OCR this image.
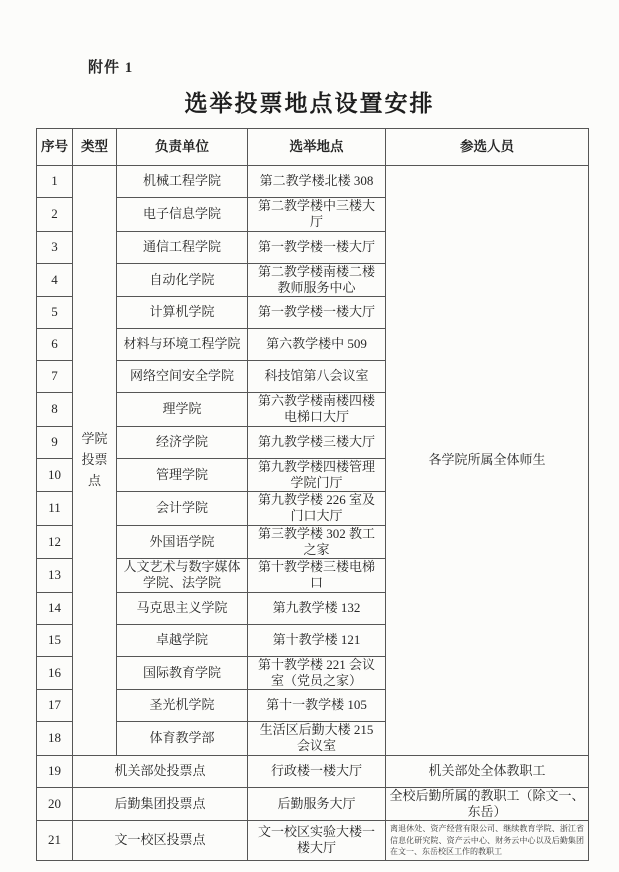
附件 1
选举投票地点设置安排
序号	类型	负责单位	选举地点	参选人员
1	学院投票点	机械工程学院	第二教学楼北楼 308	各学院所属全体师生
2		电子信息学院	第二教学楼中三楼大厅	
3		通信工程学院	第一教学楼一楼大厅	
4		自动化学院	第二教学楼南楼二楼教师服务中心	
5		计算机学院	第一教学楼一楼大厅	
6		材料与环境工程学院	第六教学楼中 509	
7		网络空间安全学院	科技馆第八会议室	
8		理学院	第六教学楼南楼四楼电梯口大厅	
9		经济学院	第九教学楼三楼大厅	
10		管理学院	第九教学楼四楼管理学院门厅	
11		会计学院	第九教学楼 226 室及门口大厅	
12		外国语学院	第三教学楼 302 教工之家	
13		人文艺术与数字媒体学院、法学院	第十教学楼三楼电梯口	
14		马克思主义学院	第九教学楼 132	
15		卓越学院	第十教学楼 121	
16		国际教育学院	第十教学楼 221 会议室（党员之家）	
17		圣光机学院	第十一教学楼 105	
18		体育教学部	生活区后勤大楼 215 会议室	
19	机关部处投票点		行政楼一楼大厅	机关部处全体教职工
20	后勤集团投票点		后勤服务大厅	全校后勤所属的教职工（除文一、东岳）
21	文一校区投票点		文一校区实验大楼一楼大厅	离退休处、资产经营有限公司、继续教育学院、浙江省信息化研究院、资产云中心、财务云中心以及后勤集团在文一、东岳校区工作的教职工
